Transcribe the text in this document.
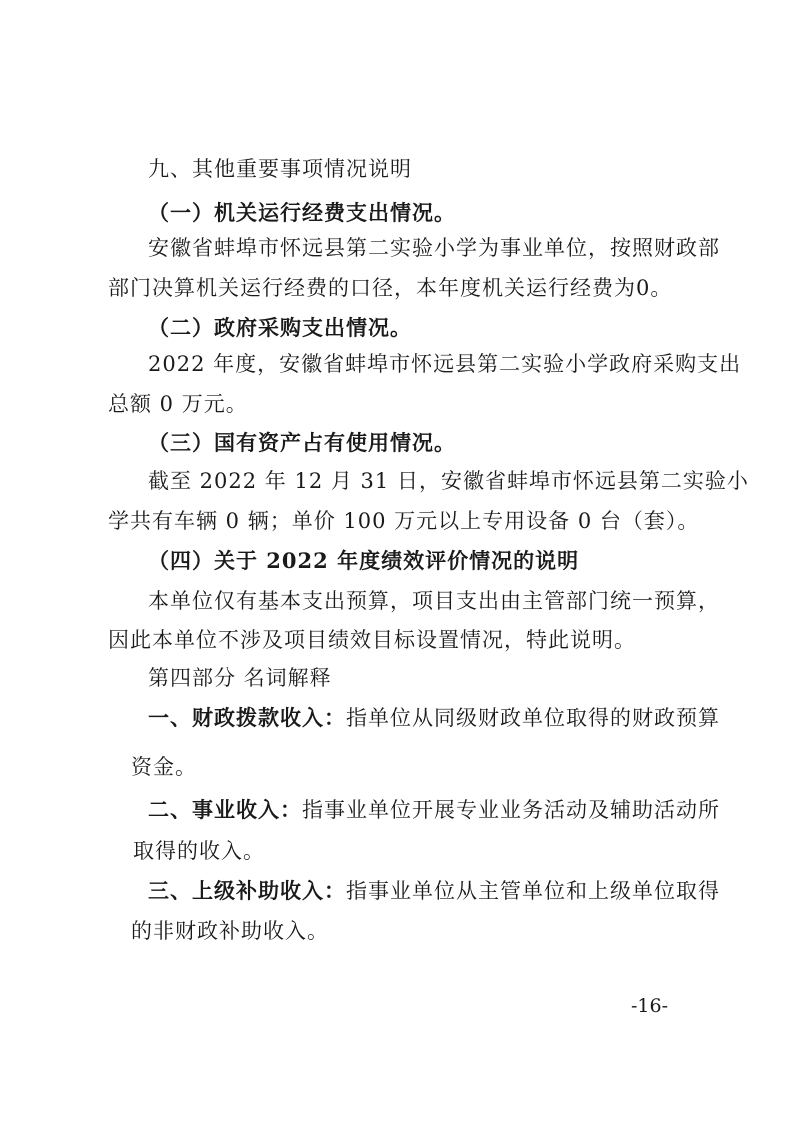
九、其他重要事项情况说明
（一）机关运行经费支出情况。
安徽省蚌埠市怀远县第二实验小学为事业单位，按照财政部
部门决算机关运行经费的口径，本年度机关运行经费为0。
（二）政府采购支出情况。
2022 年度，安徽省蚌埠市怀远县第二实验小学政府采购支出
总额 0 万元。
（三）国有资产占有使用情况。
截至 2022 年 12 月 31 日，安徽省蚌埠市怀远县第二实验小
学共有车辆 0 辆；单价 100 万元以上专用设备 0 台（套）。
（四）关于 2022 年度绩效评价情况的说明
本单位仅有基本支出预算，项目支出由主管部门统一预算，
因此本单位不涉及项目绩效目标设置情况，特此说明。
第四部分 名词解释
一、财政拨款收入： 指单位从同级财政单位取得的财政预算
资金。
二、事业收入： 指事业单位开展专业业务活动及辅助活动所
取得的收入。
三、上级补助收入： 指事业单位从主管单位和上级单位取得
的非财政补助收入。
-16-
